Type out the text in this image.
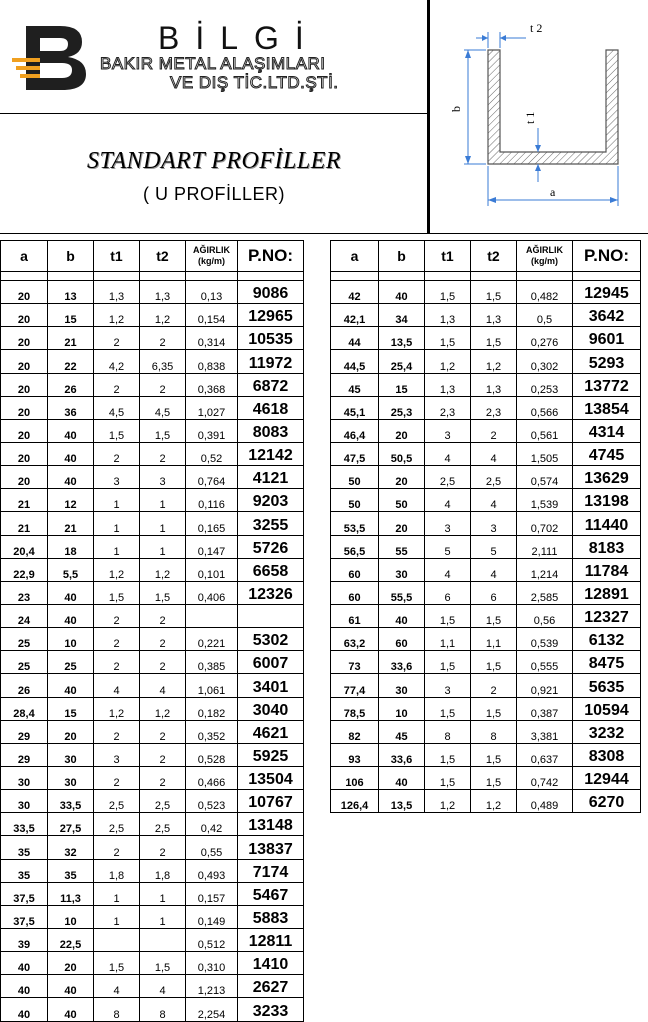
BİLGİ
BAKIR METAL ALAŞIMLARI
VE DIŞ TİC.LTD.ŞTİ.
STANDART PROFİLLER
( U PROFİLLER)
t 2
b
t 1
a
a	b	t1	t2	AĞIRLIK
(kg/m)	P.NO:

20	13	1,3	1,3	0,13	9086
20	15	1,2	1,2	0,154	12965
20	21	2	2	0,314	10535
20	22	4,2	6,35	0,838	11972
20	26	2	2	0,368	6872
20	36	4,5	4,5	1,027	4618
20	40	1,5	1,5	0,391	8083
20	40	2	2	0,52	12142
20	40	3	3	0,764	4121
21	12	1	1	0,116	9203
21	21	1	1	0,165	3255
20,4	18	1	1	0,147	5726
22,9	5,5	1,2	1,2	0,101	6658
23	40	1,5	1,5	0,406	12326
24	40	2	2		
25	10	2	2	0,221	5302
25	25	2	2	0,385	6007
26	40	4	4	1,061	3401
28,4	15	1,2	1,2	0,182	3040
29	20	2	2	0,352	4621
29	30	3	2	0,528	5925
30	30	2	2	0,466	13504
30	33,5	2,5	2,5	0,523	10767
33,5	27,5	2,5	2,5	0,42	13148
35	32	2	2	0,55	13837
35	35	1,8	1,8	0,493	7174
37,5	11,3	1	1	0,157	5467
37,5	10	1	1	0,149	5883
39	22,5			0,512	12811
40	20	1,5	1,5	0,310	1410
40	40	4	4	1,213	2627
40	40	8	8	2,254	3233
a	b	t1	t2	AĞIRLIK
(kg/m)	P.NO:

42	40	1,5	1,5	0,482	12945
42,1	34	1,3	1,3	0,5	3642
44	13,5	1,5	1,5	0,276	9601
44,5	25,4	1,2	1,2	0,302	5293
45	15	1,3	1,3	0,253	13772
45,1	25,3	2,3	2,3	0,566	13854
46,4	20	3	2	0,561	4314
47,5	50,5	4	4	1,505	4745
50	20	2,5	2,5	0,574	13629
50	50	4	4	1,539	13198
53,5	20	3	3	0,702	11440
56,5	55	5	5	2,111	8183
60	30	4	4	1,214	11784
60	55,5	6	6	2,585	12891
61	40	1,5	1,5	0,56	12327
63,2	60	1,1	1,1	0,539	6132
73	33,6	1,5	1,5	0,555	8475
77,4	30	3	2	0,921	5635
78,5	10	1,5	1,5	0,387	10594
82	45	8	8	3,381	3232
93	33,6	1,5	1,5	0,637	8308
106	40	1,5	1,5	0,742	12944
126,4	13,5	1,2	1,2	0,489	6270
